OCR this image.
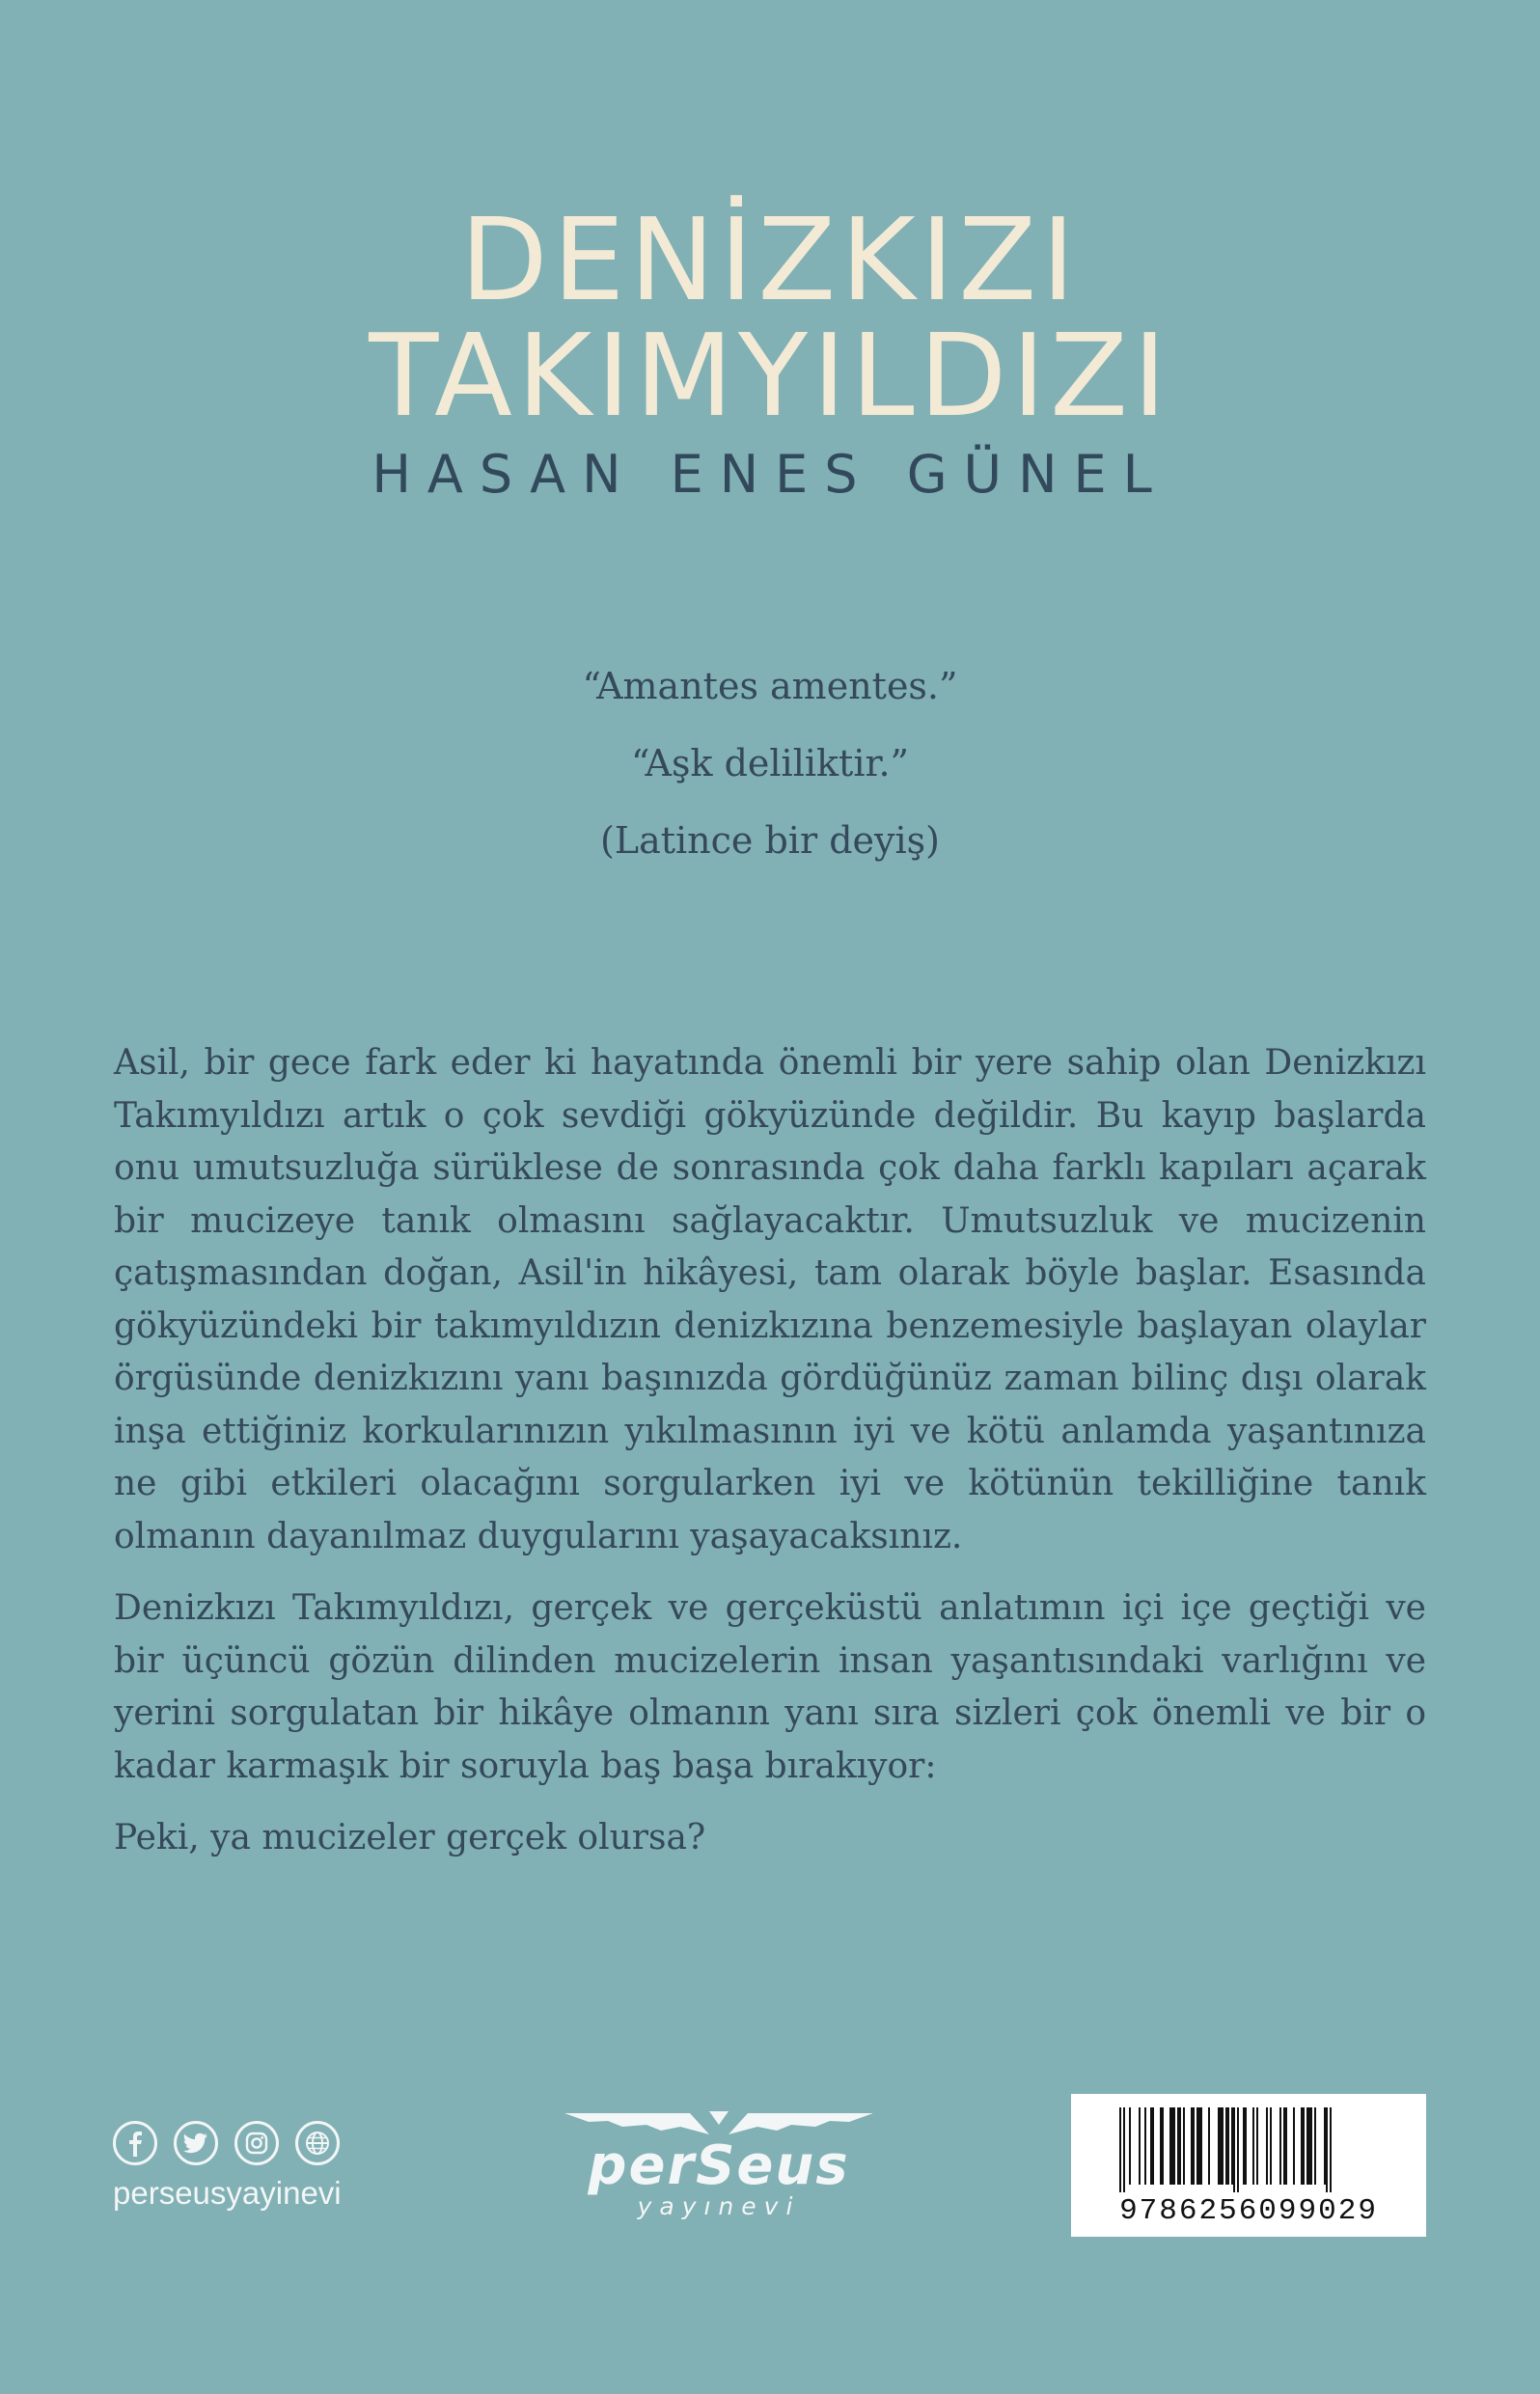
DENİZKIZI
TAKIMYILDIZI
HASAN ENES GÜNEL
“Amantes amentes.”
“Aşk deliliktir.”
(Latince bir deyiş)

Asil, bir gece fark eder ki hayatında önemli bir yere sahip olan Denizkızı Takımyıldızı artık o çok sevdiği gökyüzünde değildir. Bu kayıp başlarda onu umutsuzluğa sürüklese de sonrasında çok daha farklı kapıları açarak bir mucizeye tanık olmasını sağlayacaktır. Umutsuzluk ve mucizenin çatışmasından doğan, Asil'in hikâyesi, tam olarak böyle başlar. Esasında gökyüzündeki bir takımyıldızın denizkızına benzemesiyle başlayan olaylar örgüsünde denizkızını yanı başınızda gördüğünüz zaman bilinç dışı olarak inşa ettiğiniz korkularınızın yıkılmasının iyi ve kötü anlamda yaşantınıza ne gibi etkileri olacağını sorgularken iyi ve kötünün tekilliğine tanık olmanın dayanılmaz duygularını yaşayacaksınız.

Denizkızı Takımyıldızı, gerçek ve gerçeküstü anlatımın içi içe geçtiği ve bir üçüncü gözün dilinden mucizelerin insan yaşantısındaki varlığını ve yerini sorgulatan bir hikâye olmanın yanı sıra sizleri çok önemli ve bir o kadar karmaşık bir soruyla baş başa bırakıyor:

Peki, ya mucizeler gerçek olursa?

perseusyayinevi	perSeus
yayınevi	9786256099029
